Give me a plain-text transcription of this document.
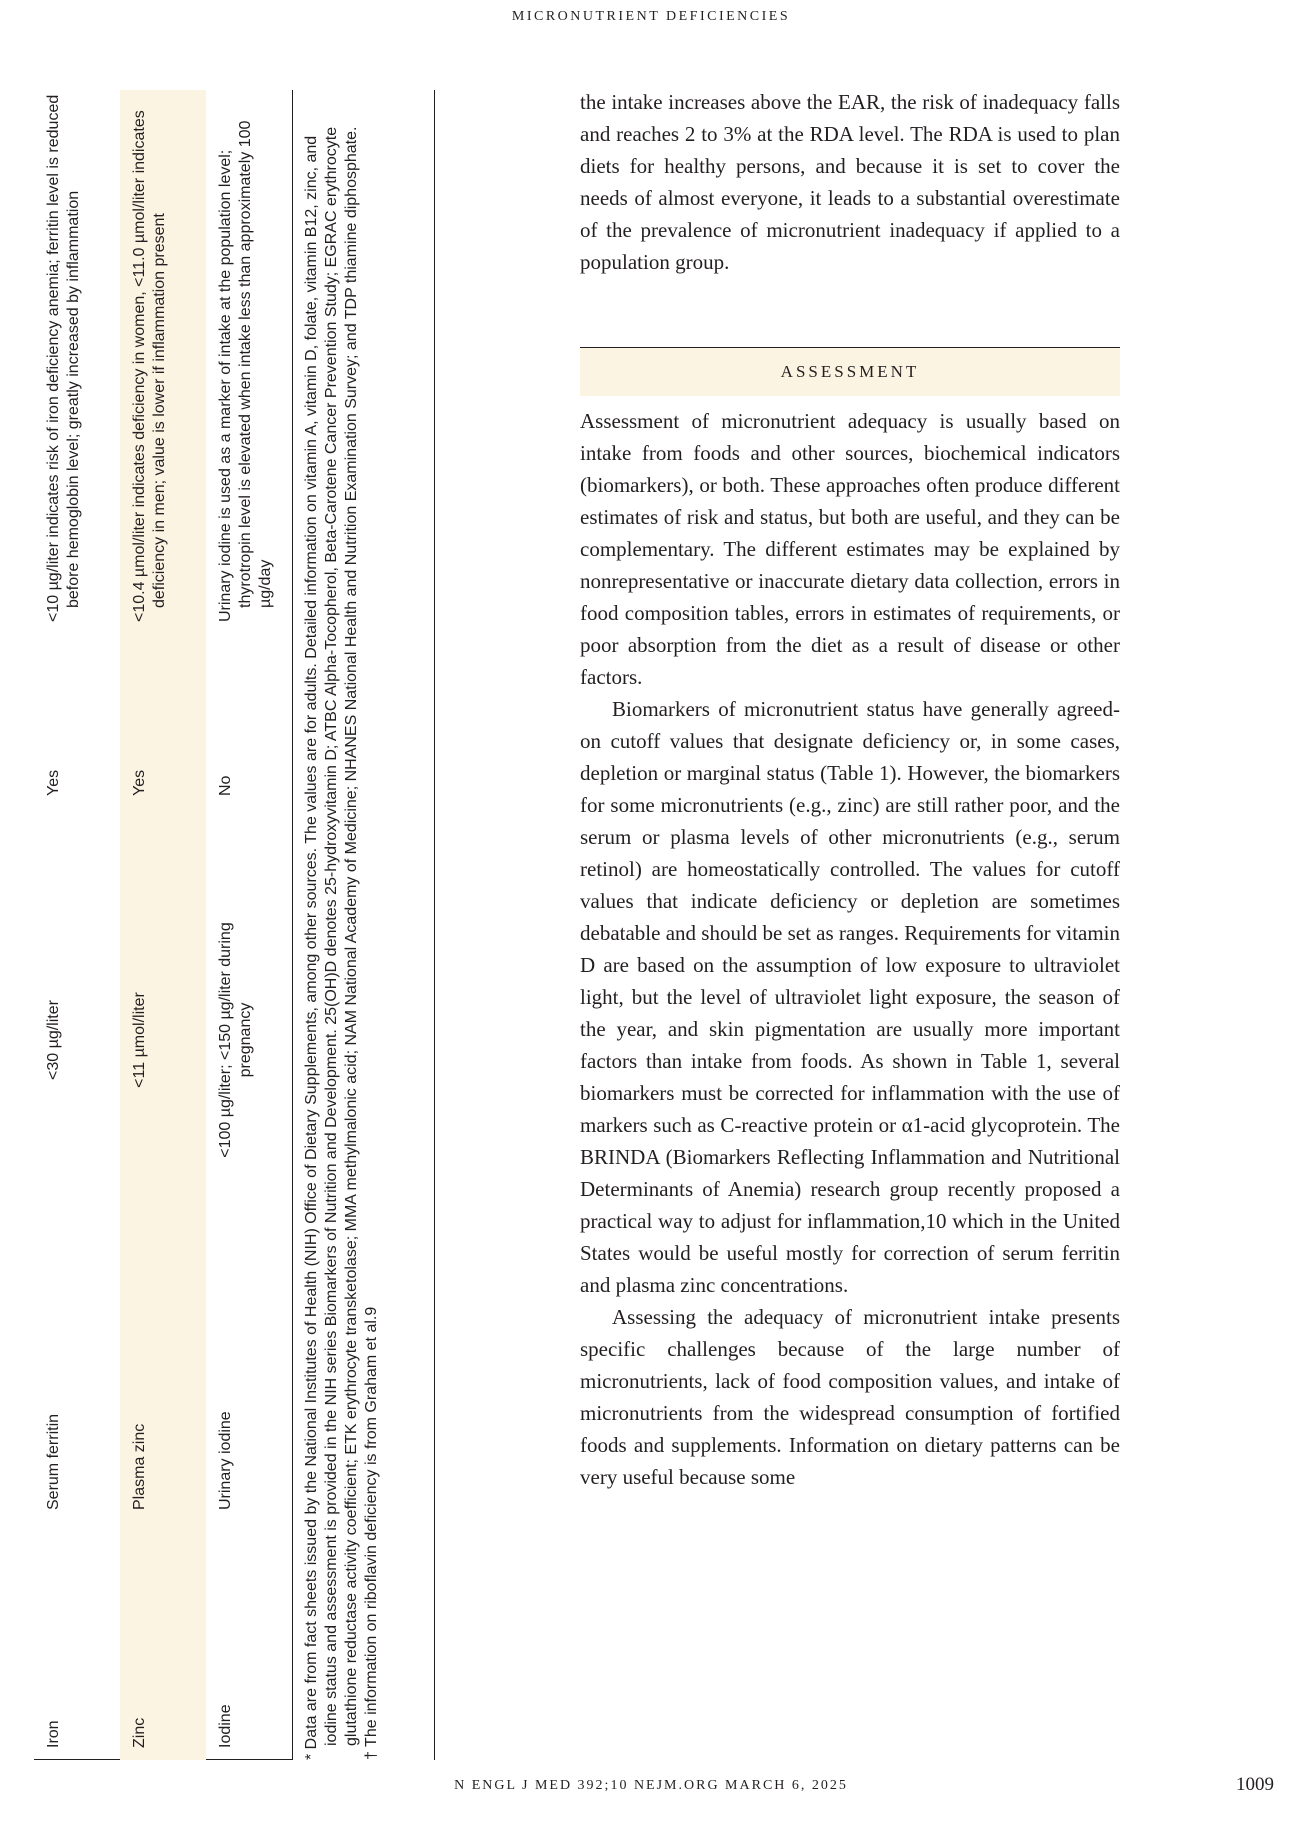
MICRONUTRIENT DEFICIENCIES
Iron
Serum ferritin
<30 µg/liter
Yes
<10 µg/liter indicates risk of iron deficiency anemia; ferritin level is reduced before hemoglobin level; greatly increased by inflammation
Zinc
Plasma zinc
<11 µmol/liter
Yes
<10.4 µmol/liter indicates deficiency in women, <11.0 µmol/liter indicates deficiency in men; value is lower if inflammation present
Iodine
Urinary iodine
<100 µg/liter; <150 µg/liter during pregnancy
No
Urinary iodine is used as a marker of intake at the population level; thyrotropin level is elevated when intake less than approximately 100 µg/day * Data are from fact sheets issued by the National Institutes of Health (NIH) Office of Dietary Supplements, among other sources. The values are for adults. Detailed information on vitamin A, vitamin D, folate, vitamin B12, zinc, and iodine status and assessment is provided in the NIH series Biomarkers of Nutrition and Development. 25(OH)D denotes 25-hydroxyvitamin D; ATBC Alpha-Tocopherol, Beta-Carotene Cancer Prevention Study; EGRAC erythrocyte glutathione reductase activity coefficient; ETK erythrocyte transketolase; MMA methylmalonic acid; NAM National Academy of Medicine; NHANES National Health and Nutrition Examination Survey; and TDP thiamine diphosphate. † The information on riboflavin deficiency is from Graham et al.9

the intake increases above the EAR, the risk of inadequacy falls and reaches 2 to 3% at the RDA level. The RDA is used to plan diets for healthy persons, and because it is set to cover the needs of almost everyone, it leads to a substantial overestimate of the prevalence of micronutrient inadequacy if applied to a population group.

ASSESSMENT

Assessment of micronutrient adequacy is usually based on intake from foods and other sources, biochemical indicators (biomarkers), or both. These approaches often produce different estimates of risk and status, but both are useful, and they can be complementary. The different estimates may be explained by nonrepresentative or inaccurate dietary data collection, errors in food composition tables, errors in estimates of requirements, or poor absorption from the diet as a result of disease or other factors.

Biomarkers of micronutrient status have generally agreed-on cutoff values that designate deficiency or, in some cases, depletion or marginal status (Table 1). However, the biomarkers for some micronutrients (e.g., zinc) are still rather poor, and the serum or plasma levels of other micronutrients (e.g., serum retinol) are homeostatically controlled. The values for cutoff values that indicate deficiency or depletion are sometimes debatable and should be set as ranges. Requirements for vitamin D are based on the assumption of low exposure to ultraviolet light, but the level of ultraviolet light exposure, the season of the year, and skin pigmentation are usually more important factors than intake from foods. As shown in Table 1, several biomarkers must be corrected for inflammation with the use of markers such as C-reactive protein or α1-acid glycoprotein. The BRINDA (Biomarkers Reflecting Inflammation and Nutritional Determinants of Anemia) research group recently proposed a practical way to adjust for inflammation,10 which in the United States would be useful mostly for correction of serum ferritin and plasma zinc concentrations.

Assessing the adequacy of micronutrient intake presents specific challenges because of the large number of micronutrients, lack of food composition values, and intake of micronutrients from the widespread consumption of fortified foods and supplements. Information on dietary patterns can be very useful because some

N ENGL J MED 392;10 NEJM.ORG MARCH 6, 2025	1009
